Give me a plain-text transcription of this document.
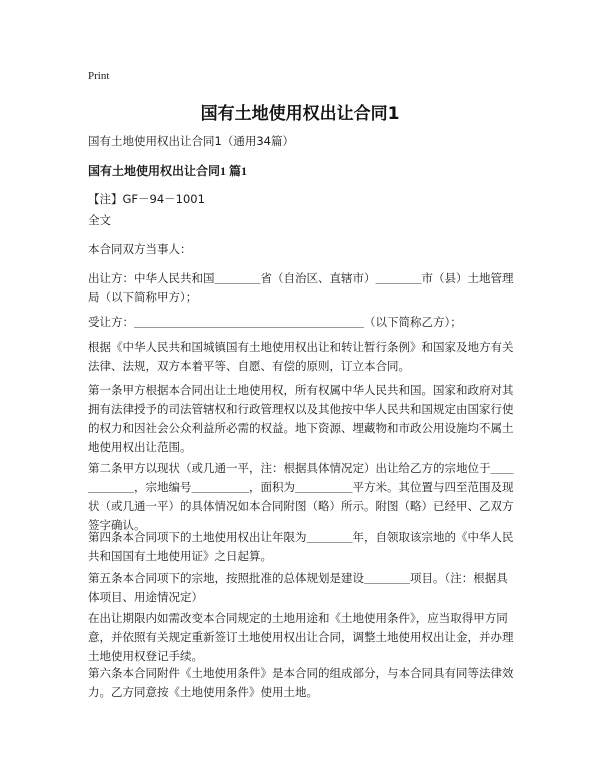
Print
国有土地使用权出让合同1

国有土地使用权出让合同1（通用34篇）

国有土地使用权出让合同1 篇1

【注】GF－94－1001

全文

本合同双方当事人：

出让方：中华人民共和国＿＿＿＿省（自治区、直辖市）＿＿＿＿市（县）土地管理局（以下简称甲方）；

受让方：＿＿＿＿＿＿＿＿＿＿＿＿＿＿＿＿＿＿＿＿（以下简称乙方）；

根据《中华人民共和国城镇国有土地使用权出让和转让暂行条例》和国家及地方有关法律、法规，双方本着平等、自愿、有偿的原则，订立本合同。

第一条甲方根据本合同出让土地使用权，所有权属中华人民共和国。国家和政府对其拥有法律授予的司法管辖权和行政管理权以及其他按中华人民共和国规定由国家行使的权力和因社会公众利益所必需的权益。地下资源、埋藏物和市政公用设施均不属土地使用权出让范围。

第二条甲方以现状（或几通一平，注：根据具体情况定）出让给乙方的宗地位于＿＿＿＿＿＿，宗地编号＿＿＿＿＿，面积为＿＿＿＿＿平方米。其位置与四至范围及现状（或几通一平）的具体情况如本合同附图（略）所示。附图（略）已经甲、乙双方签字确认。

第四条本合同项下的土地使用权出让年限为＿＿＿＿年，自领取该宗地的《中华人民共和国国有土地使用证》之日起算。

第五条本合同项下的宗地，按照批准的总体规划是建设＿＿＿＿项目。（注：根据具体项目、用途情况定）

在出让期限内如需改变本合同规定的土地用途和《土地使用条件》，应当取得甲方同意，并依照有关规定重新签订土地使用权出让合同，调整土地使用权出让金，并办理土地使用权登记手续。

第六条本合同附件《土地使用条件》是本合同的组成部分，与本合同具有同等法律效力。乙方同意按《土地使用条件》使用土地。
